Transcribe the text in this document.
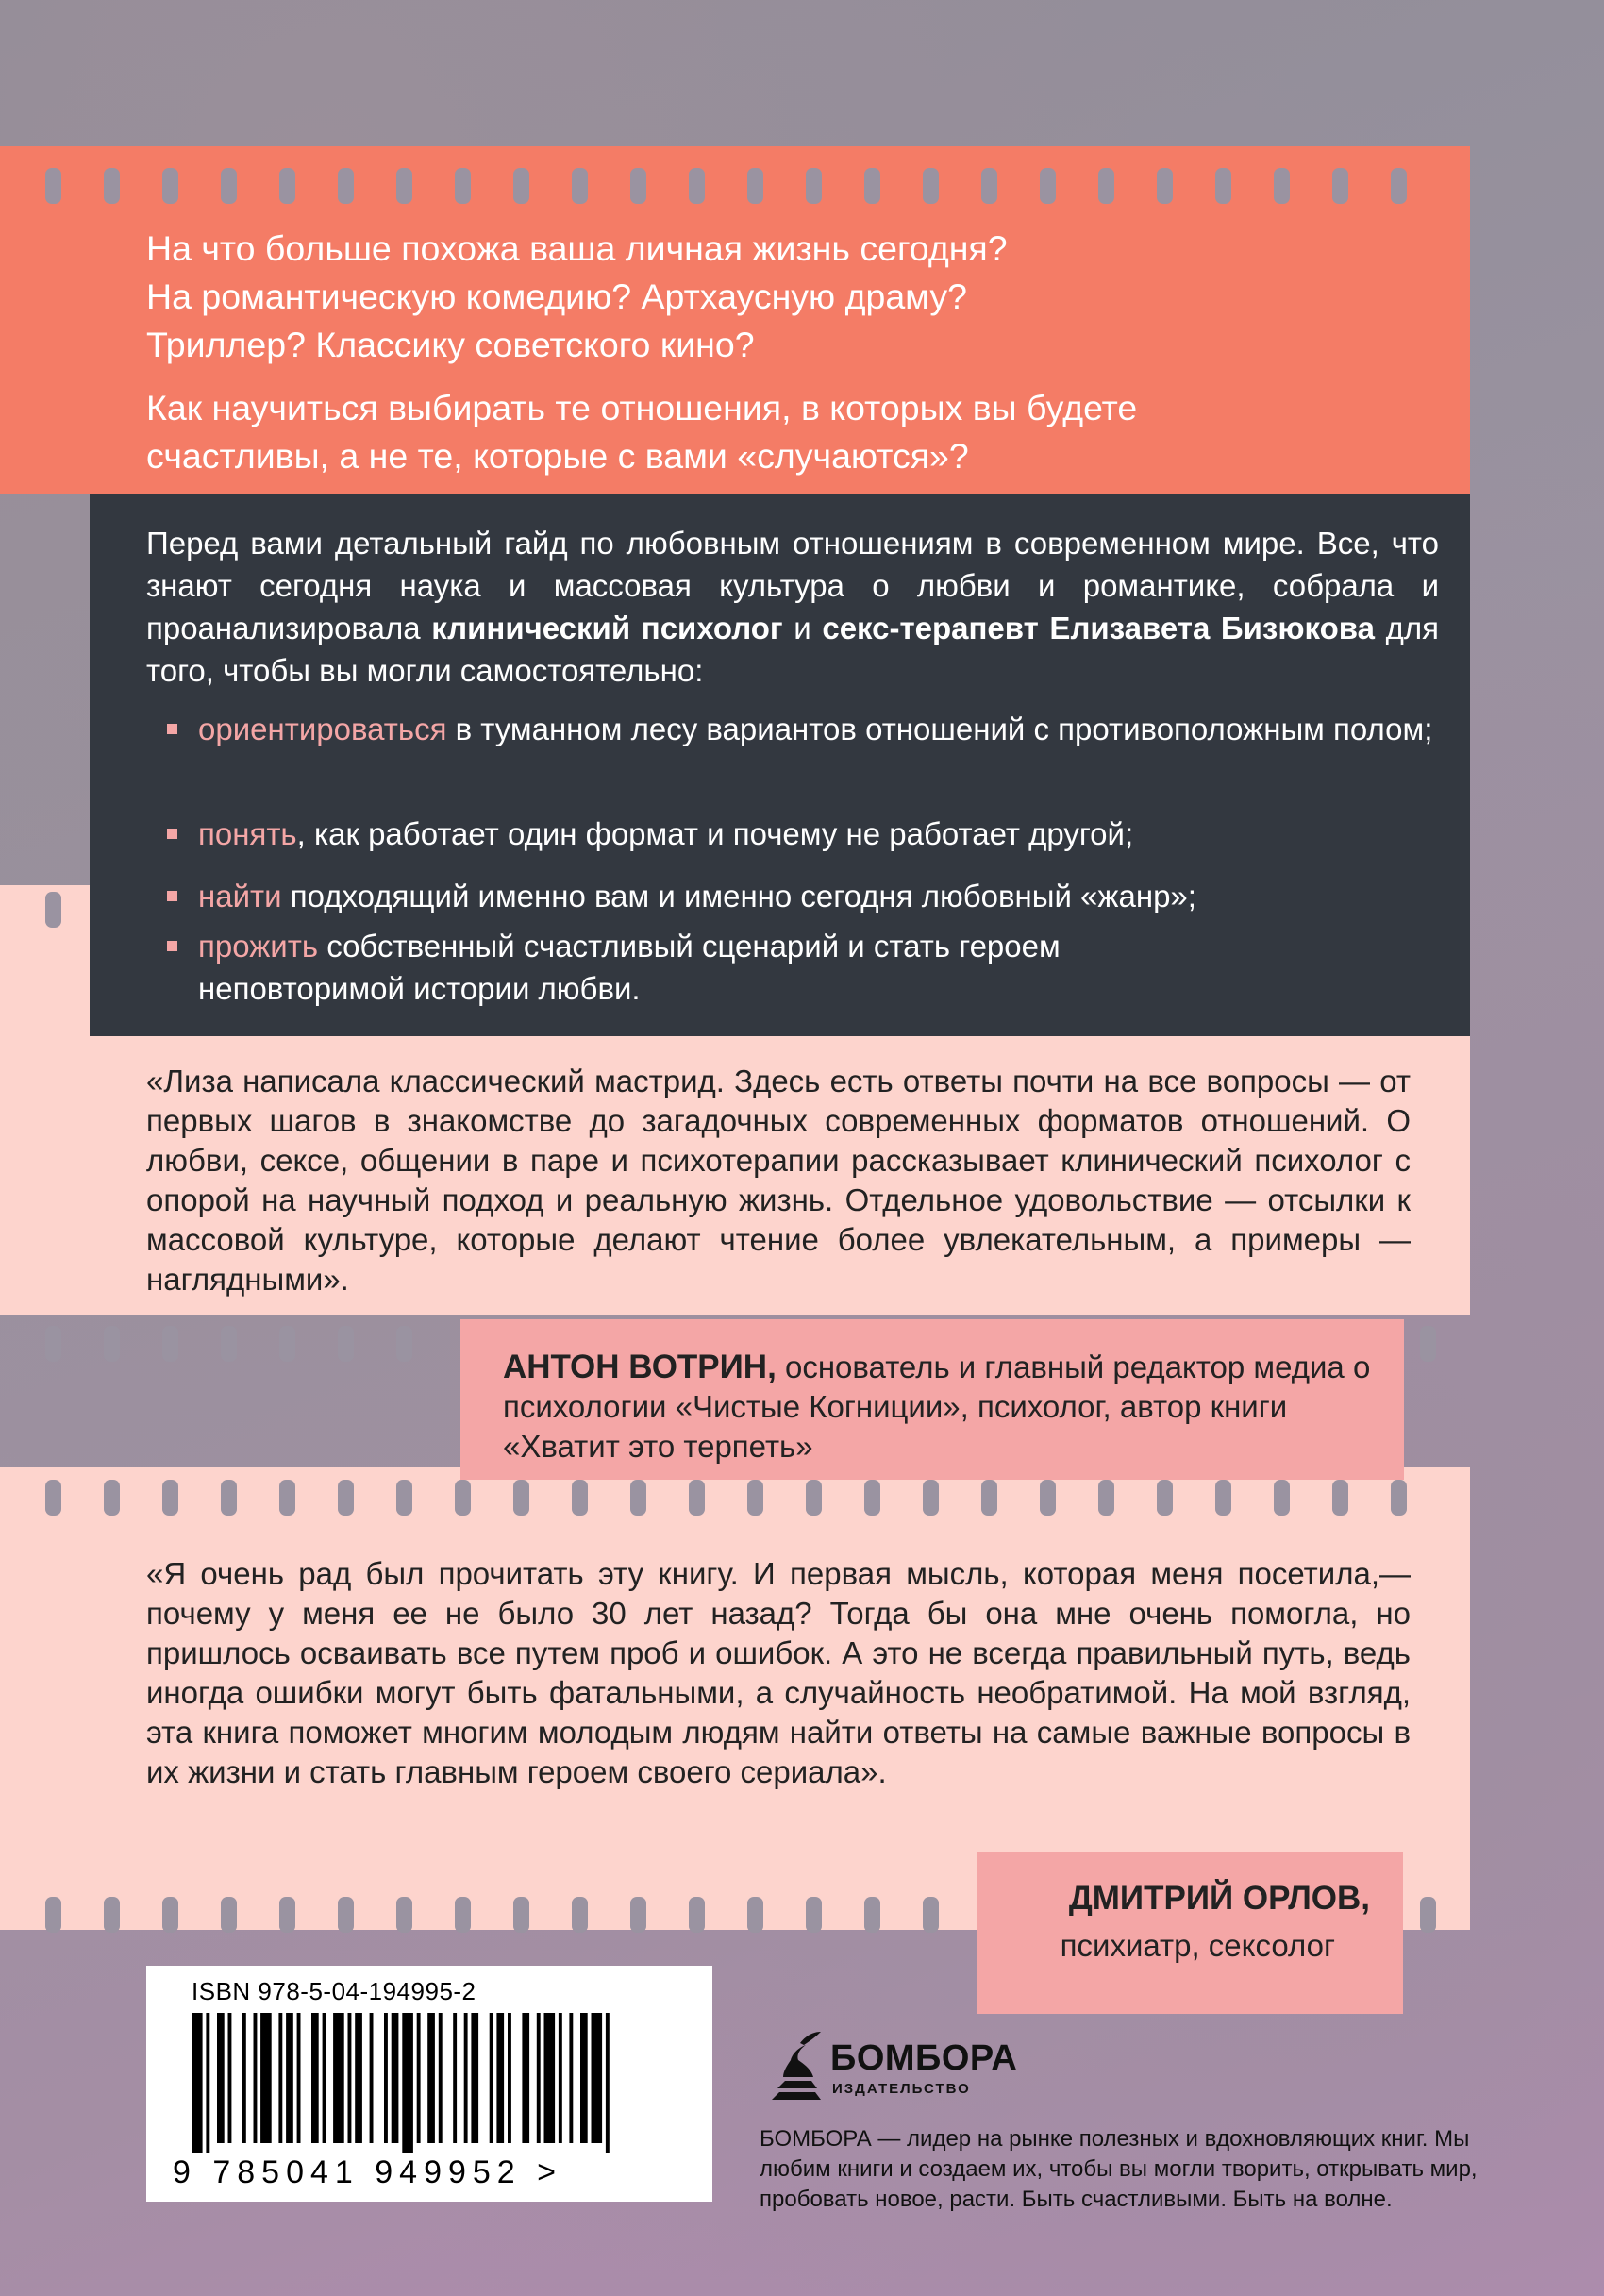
На что больше похожа ваша личная жизнь сегодня?
На романтическую комедию? Артхаусную драму?
Триллер? Классику советского кино?
Как научиться выбирать те отношения, в которых вы будете
счастливы, а не те, которые с вами «случаются»?
Перед вами детальный гайд по любовным отношениям в современном мире. Все, что знают сегодня наука и массовая культура о любви и романтике, собрала и проанализировала клинический психолог и секс-терапевт Елизавета Бизюкова для того, чтобы вы могли самостоятельно:
ориентироваться в туманном лесу вариантов отношений с противоположным полом;
понять, как работает один формат и почему не работает другой;
найти подходящий именно вам и именно сегодня любовный «жанр»;
прожить собственный счастливый сценарий и стать героем неповторимой истории любви.
«Лиза написала классический мастрид. Здесь есть ответы почти на все вопросы — от первых шагов в знакомстве до загадочных современных форматов отношений. О любви, сексе, общении в паре и психотерапии рассказывает клинический психолог с опорой на научный подход и реальную жизнь. Отдельное удовольствие — отсылки к массовой культуре, которые делают чтение более увлекательным, а примеры — наглядными».
АНТОН ВОТРИН, основатель и главный редактор медиа о психологии «Чистые Когниции», психолог, автор книги «Хватит это терпеть»
«Я очень рад был прочитать эту книгу. И первая мысль, которая меня посетила,— почему у меня ее не было 30 лет назад? Тогда бы она мне очень помогла, но пришлось осваивать все путем проб и ошибок. А это не всегда правильный путь, ведь иногда ошибки могут быть фатальными, а случайность необратимой. На мой взгляд, эта книга поможет многим молодым людям найти ответы на самые важные вопросы в их жизни и стать главным героем своего сериала».
ДМИТРИЙ ОРЛОВ,
психиатр, сексолог
ISBN 978-5-04-194995-2
9 785041 949952 >
БОМБОРА
ИЗДАТЕЛЬСТВО
БОМБОРА — лидер на рынке полезных и вдохновляющих книг. Мы любим книги и создаем их, чтобы вы могли творить, открывать мир, пробовать новое, расти. Быть счастливыми. Быть на волне.
